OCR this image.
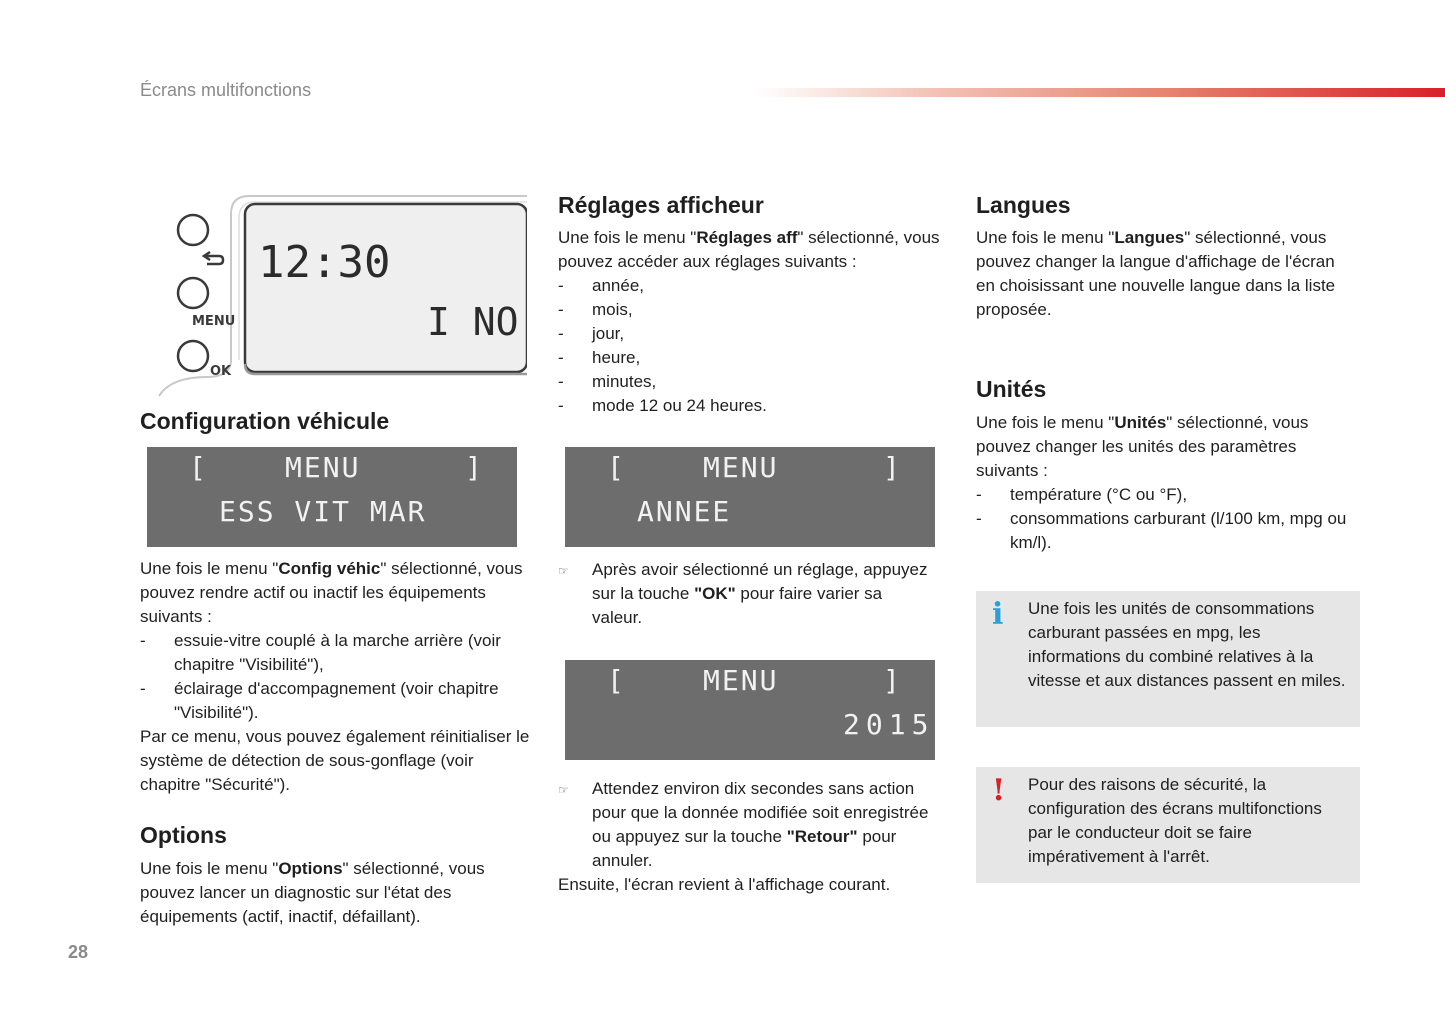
Écrans multifonctions
MENU
OK
12:30
I NO
Configuration véhicule
[	MENU	]
ESS VIT MAR

Une fois le menu "Config véhic" sélectionné, vous pouvez rendre actif ou inactif les équipements suivants :

- essuie-vitre couplé à la marche arrière (voir chapitre "Visibilité"),
- éclairage d'accompagnement (voir chapitre "Visibilité").

Par ce menu, vous pouvez également réinitialiser le système de détection de sous-gonflage (voir chapitre "Sécurité").

Options

Une fois le menu "Options" sélectionné, vous pouvez lancer un diagnostic sur l'état des équipements (actif, inactif, défaillant).

Réglages afficheur

Une fois le menu "Réglages aff" sélectionné, vous pouvez accéder aux réglages suivants :

- année,
- mois,
- jour,
- heure,
- minutes,
- mode 12 ou 24 heures.
[	MENU	]
ANNEE
☞ Après avoir sélectionné un réglage, appuyez sur la touche "OK" pour faire varier sa valeur.
[	MENU	]
2015
☞ Attendez environ dix secondes sans action pour que la donnée modifiée soit enregistrée ou appuyez sur la touche "Retour" pour annuler.

Ensuite, l'écran revient à l'affichage courant.

Langues

Une fois le menu "Langues" sélectionné, vous pouvez changer la langue d'affichage de l'écran en choisissant une nouvelle langue dans la liste proposée.

Unités

Une fois le menu "Unités" sélectionné, vous pouvez changer les unités des paramètres suivants :

- température (°C ou °F),
- consommations carburant (l/100 km, mpg ou km/l).
i Une fois les unités de consommations carburant passées en mpg, les informations du combiné relatives à la vitesse et aux distances passent en miles.
! Pour des raisons de sécurité, la configuration des écrans multifonctions par le conducteur doit se faire impérativement à l'arrêt.
28
